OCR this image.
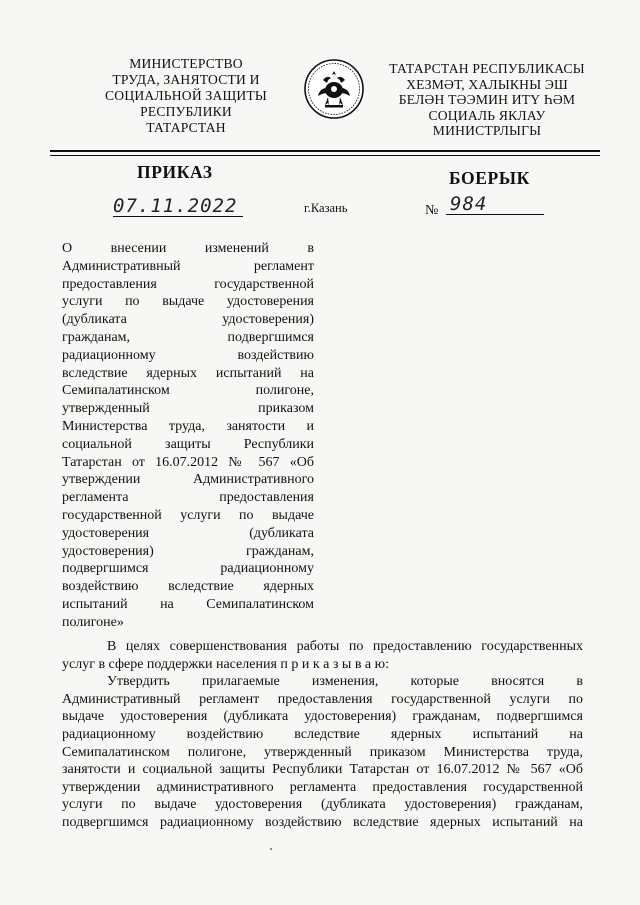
МИНИСТЕРСТВО
ТРУДА, ЗАНЯТОСТИ И
СОЦИАЛЬНОЙ ЗАЩИТЫ
РЕСПУБЛИКИ
ТАТАРСТАН
ТАТАРСТАН РЕСПУБЛИКАСЫ
ХЕЗМӘТ, ХАЛЫКНЫ ЭШ
БЕЛӘН ТӘЭМИН ИТҮ ҺӘМ
СОЦИАЛЬ ЯКЛАУ
МИНИСТРЛЫГЫ
ПРИКАЗ	БОЕРЫК
07.11.2022	г.Казань	№ 984
О внесении изменений в
Административный регламент
предоставления государственной
услуги по выдаче удостоверения
(дубликата удостоверения)
гражданам, подвергшимся
радиационному воздействию
вследствие ядерных испытаний на
Семипалатинском полигоне,
утвержденный приказом
Министерства труда, занятости и
социальной защиты Республики
Татарстан от 16.07.2012 № 567 «Об
утверждении Административного
регламента предоставления
государственной услуги по выдаче
удостоверения (дубликата
удостоверения) гражданам,
подвергшимся радиационному
воздействию вследствие ядерных
испытаний на Семипалатинском
полигоне»
В целях совершенствования работы по предоставлению государственных
услуг в сфере поддержки населения п р и к а з ы в а ю:
Утвердить прилагаемые изменения, которые вносятся в
Административный регламент предоставления государственной услуги по
выдаче удостоверения (дубликата удостоверения) гражданам, подвергшимся
радиационному воздействию вследствие ядерных испытаний на
Семипалатинском полигоне, утвержденный приказом Министерства труда,
занятости и социальной защиты Республики Татарстан от 16.07.2012 № 567 «Об
утверждении административного регламента предоставления государственной
услуги по выдаче удостоверения (дубликата удостоверения) гражданам,
подвергшимся радиационному воздействию вследствие ядерных испытаний на
